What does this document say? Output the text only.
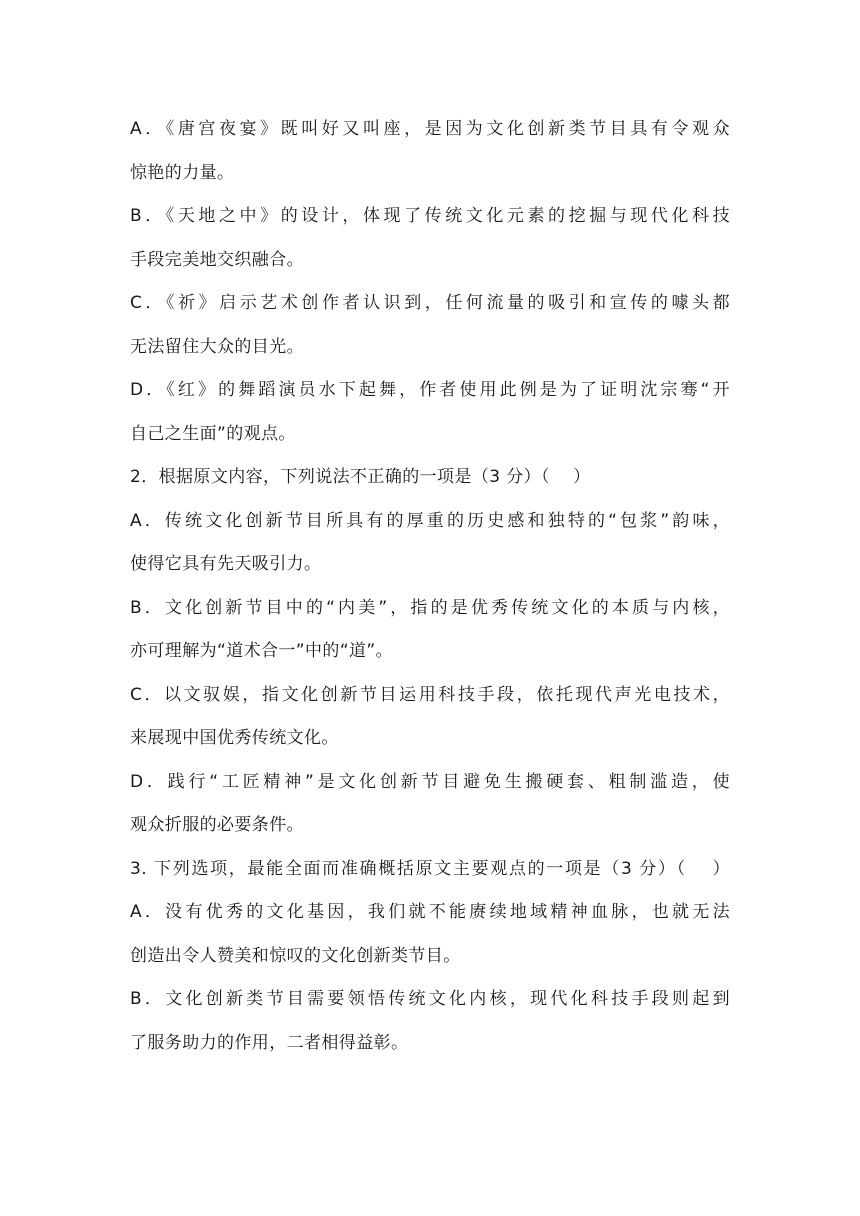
A．《唐宫夜宴》既叫好又叫座，是因为文化创新类节目具有令观众
惊艳的力量。
B．《天地之中》的设计，体现了传统文化元素的挖掘与现代化科技
手段完美地交织融合。
C．《祈》启示艺术创作者认识到，任何流量的吸引和宣传的噱头都
无法留住大众的目光。
D．《红》的舞蹈演员水下起舞，作者使用此例是为了证明沈宗骞“开
自己之生面”的观点。
2．根据原文内容，下列说法不正确的一项是（3 分）（　 ）
A．传统文化创新节目所具有的厚重的历史感和独特的“包浆”韵味，
使得它具有先天吸引力。
B．文化创新节目中的“内美”，指的是优秀传统文化的本质与内核，
亦可理解为“道术合一”中的“道”。
C．以文驭娱，指文化创新节目运用科技手段，依托现代声光电技术，
来展现中国优秀传统文化。
D．践行“工匠精神”是文化创新节目避免生搬硬套、粗制滥造，使
观众折服的必要条件。
3. 下列选项，最能全面而准确概括原文主要观点的一项是（3 分）（　 ）
A．没有优秀的文化基因，我们就不能赓续地域精神血脉，也就无法
创造出令人赞美和惊叹的文化创新类节目。
B．文化创新类节目需要领悟传统文化内核，现代化科技手段则起到
了服务助力的作用，二者相得益彰。
